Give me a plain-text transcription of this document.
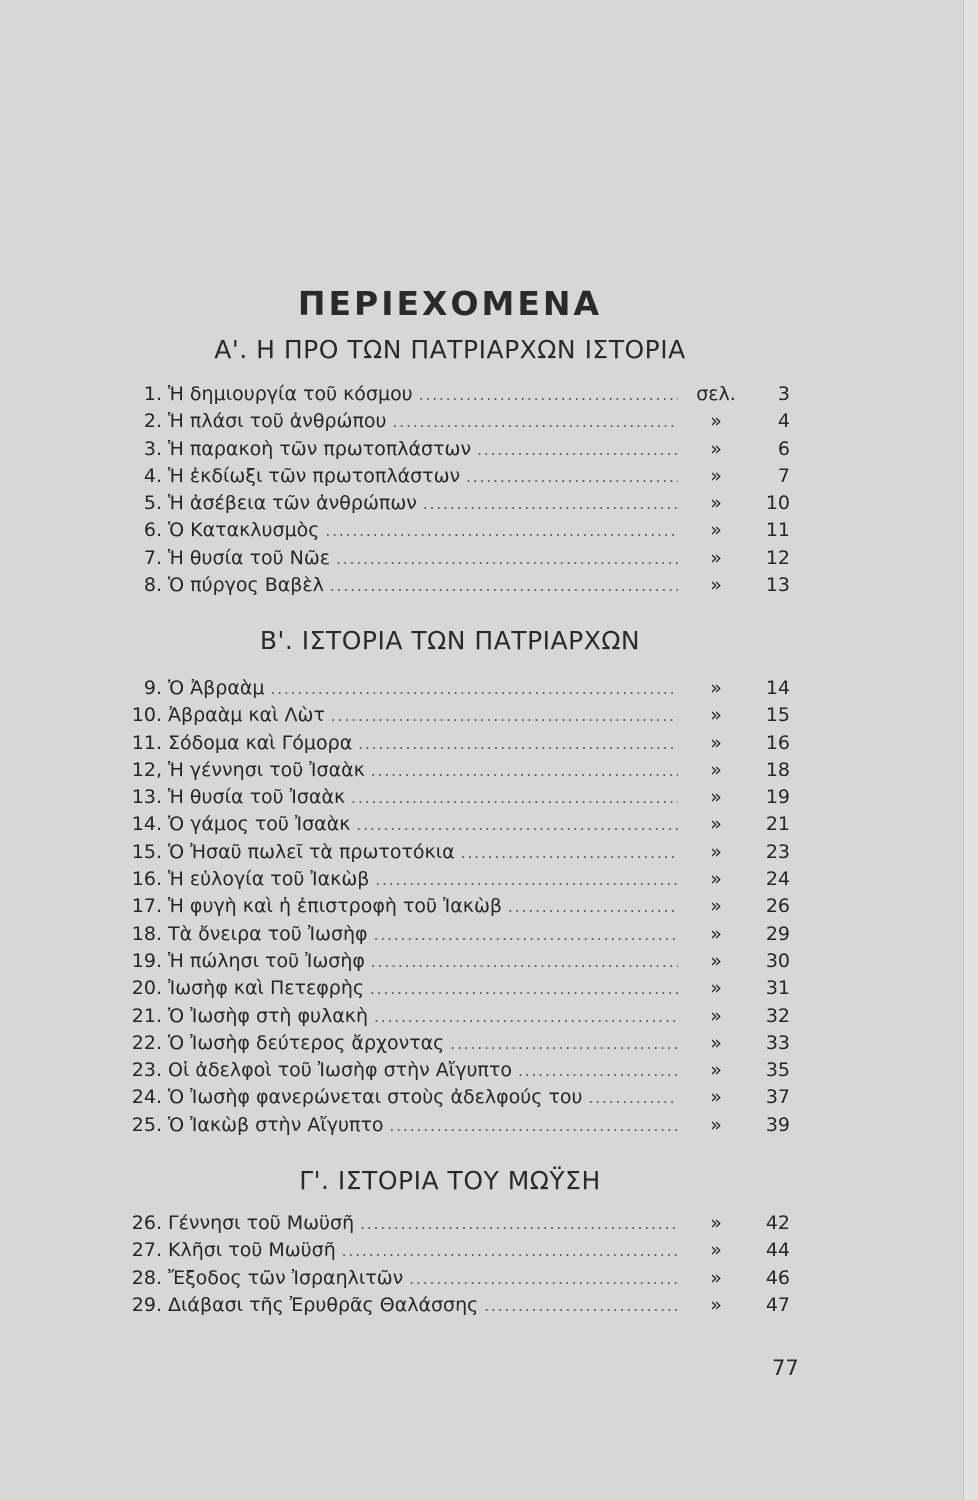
ΠΕΡΙΕΧΟΜΕΝΑ
Α'. Η ΠΡΟ ΤΩΝ ΠΑΤΡΙΑΡΧΩΝ ΙΣΤΟΡΙΑ
1. Ἡ δημιουργία τοῦ κόσμου .....	σελ.	3
2. Ἡ πλάσι τοῦ ἀνθρώπου .....	»	4
3. Ἡ παρακοὴ τῶν πρωτοπλάστων .....	»	6
4. Ἡ ἐκδίωξι τῶν πρωτοπλάστων .....	»	7
5. Ἡ ἀσέβεια τῶν ἀνθρώπων .....	»	10
6. Ὁ Κατακλυσμὸς .....	»	11
7. Ἡ θυσία τοῦ Νῶε .....	»	12
8. Ὁ πύργος Βαβὲλ .....	»	13
Β'. ΙΣΤΟΡΙΑ ΤΩΝ ΠΑΤΡΙΑΡΧΩΝ
9. Ὁ Ἀβραὰμ .....	»	14
10. Ἀβραὰμ καὶ Λὼτ .....	»	15
11. Σόδομα καὶ Γόμορα .....	»	16
12, Ἡ γέννησι τοῦ Ἰσαὰκ .....	»	18
13. Ἡ θυσία τοῦ Ἰσαὰκ .....	»	19
14. Ὁ γάμος τοῦ Ἰσαὰκ .....	»	21
15. Ὁ Ἠσαῦ πωλεῖ τὰ πρωτοτόκια .....	»	23
16. Ἡ εὐλογία τοῦ Ἰακὼβ .....	»	24
17. Ἡ φυγὴ καὶ ἡ ἐπιστροφὴ τοῦ Ἰακὼβ .....	»	26
18. Τὰ ὄνειρα τοῦ Ἰωσὴφ .....	»	29
19. Ἡ πώλησι τοῦ Ἰωσὴφ .....	»	30
20. Ἰωσὴφ καὶ Πετεφρὴς .....	»	31
21. Ὁ Ἰωσὴφ στὴ φυλακὴ .....	»	32
22. Ὁ Ἰωσὴφ δεύτερος ἄρχοντας .....	»	33
23. Οἱ ἀδελφοὶ τοῦ Ἰωσὴφ στὴν Αἴγυπτο .....	»	35
24. Ὁ Ἰωσὴφ φανερώνεται στοὺς ἀδελφούς του .....	»	37
25. Ὁ Ἰακὼβ στὴν Αἴγυπτο .....	»	39
Γ'. ΙΣΤΟΡΙΑ ΤΟΥ ΜΩΫΣΗ
26. Γέννησι τοῦ Μωϋσῆ .....	»	42
27. Κλῆσι τοῦ Μωϋσῆ .....	»	44
28. Ἔξοδος τῶν Ἰσραηλιτῶν .....	»	46
29. Διάβασι τῆς Ἐρυθρᾶς Θαλάσσης .....	»	47
77
